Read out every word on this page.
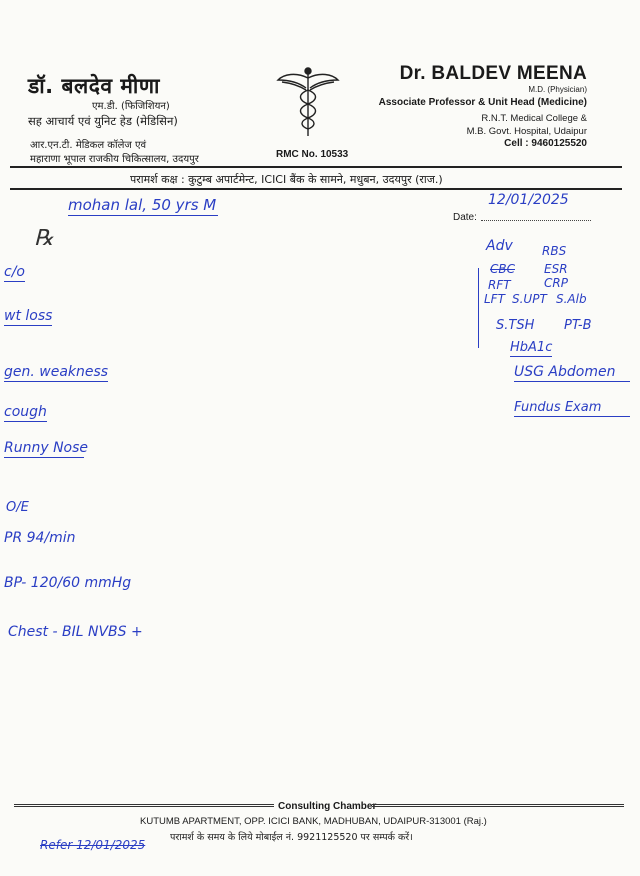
डॉ. बलदेव मीणा
एम.डी. (फिजिशियन)
सह आचार्य एवं युनिट हेड (मेडिसिन)
आर.एन.टी. मेडिकल कॉलेज एवं
महाराणा भूपाल राजकीय चिकित्सालय, उदयपुर	RMC No. 10533
Dr. BALDEV MEENA
M.D. (Physician)
Associate Professor & Unit Head (Medicine)
R.N.T. Medical College &
M.B. Govt. Hospital, Udaipur
Cell : 9460125520
परामर्श कक्ष : कुटुम्ब अपार्टमेन्ट, ICICI बैंक के सामने, मधुबन, उदयपुर (राज.)
Date:
12/01/2025
mohan lal, 50 yrs M
℞
c/o
wt loss
gen. weakness
cough
Runny Nose
O/E
PR 94/min
BP- 120/60 mmHg
Chest - BIL NVBS +
Adv RBS
CBC ESR
RFT	CRP
LFT S.UPT S.Alb
S.TSH PT-B
HbA1c
USG Abdomen
Fundus Exam
Consulting Chamber
KUTUMB APARTMENT, OPP. ICICI BANK, MADHUBAN, UDAIPUR-313001 (Raj.)
परामर्श के समय के लिये मोबाईल नं. 9921125520 पर सम्पर्क करें।
Refer 12/01/2025
